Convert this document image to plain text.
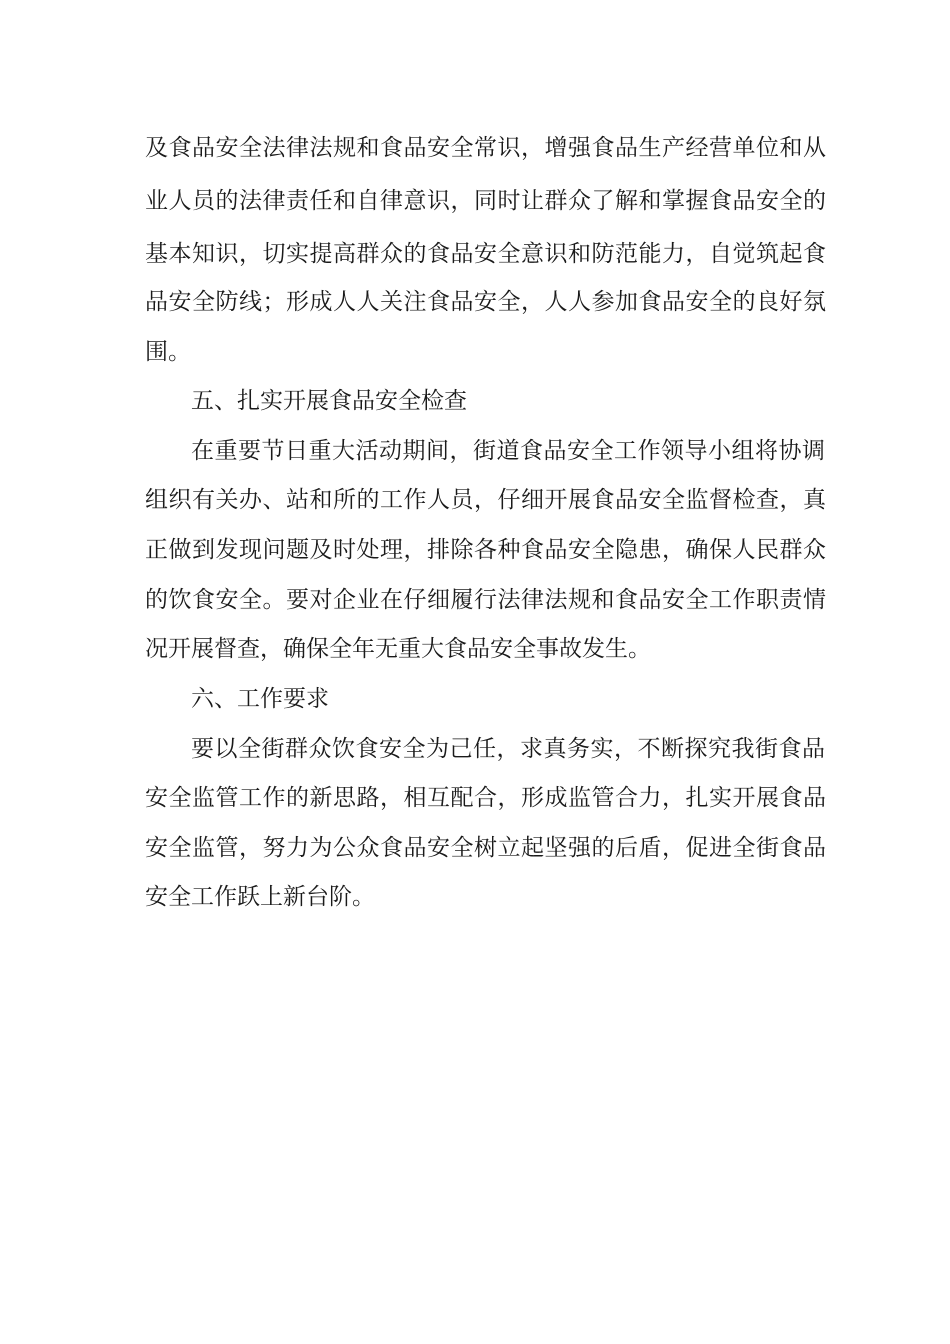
及食品安全法律法规和食品安全常识，增强食品生产经营单位和从
业人员的法律责任和自律意识，同时让群众了解和掌握食品安全的
基本知识，切实提高群众的食品安全意识和防范能力，自觉筑起食
品安全防线；形成人人关注食品安全，人人参加食品安全的良好氛
围。
五、扎实开展食品安全检查
在重要节日重大活动期间，街道食品安全工作领导小组将协调
组织有关办、站和所的工作人员，仔细开展食品安全监督检查，真
正做到发现问题及时处理，排除各种食品安全隐患，确保人民群众
的饮食安全。要对企业在仔细履行法律法规和食品安全工作职责情
况开展督查，确保全年无重大食品安全事故发生。
六、工作要求
要以全街群众饮食安全为己任，求真务实，不断探究我街食品
安全监管工作的新思路，相互配合，形成监管合力，扎实开展食品
安全监管，努力为公众食品安全树立起坚强的后盾，促进全街食品
安全工作跃上新台阶。
